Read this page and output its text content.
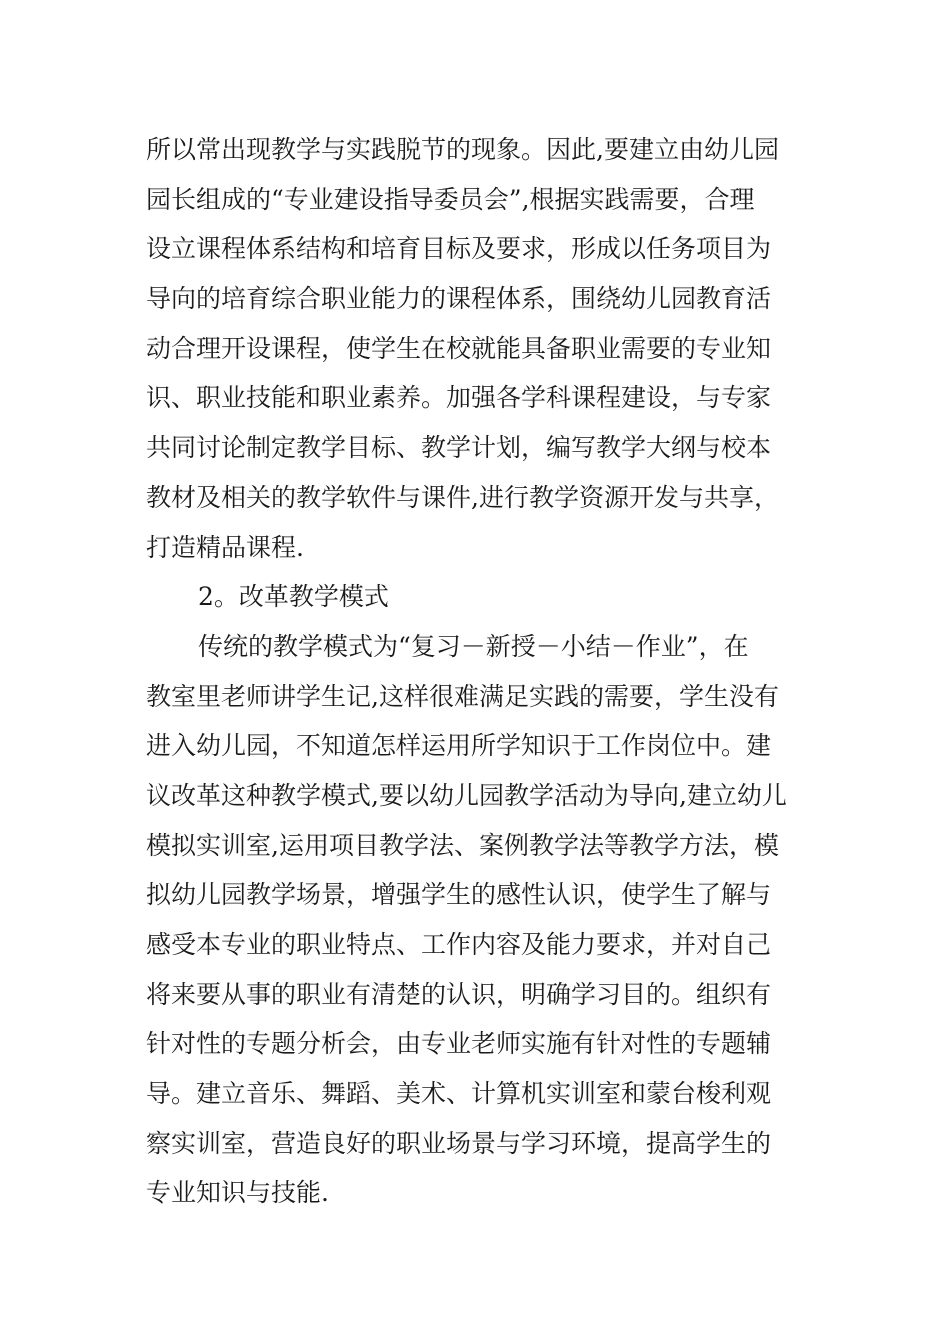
所以常出现教学与实践脱节的现象。因此,要建立由幼儿园
园长组成的“专业建设指导委员会”,根据实践需要，合理
设立课程体系结构和培育目标及要求，形成以任务项目为
导向的培育综合职业能力的课程体系，围绕幼儿园教育活
动合理开设课程，使学生在校就能具备职业需要的专业知
识、职业技能和职业素养。加强各学科课程建设，与专家
共同讨论制定教学目标、教学计划，编写教学大纲与校本
教材及相关的教学软件与课件,进行教学资源开发与共享，
打造精品课程.
2。改革教学模式
传统的教学模式为“复习－新授－小结－作业”，在
教室里老师讲学生记,这样很难满足实践的需要，学生没有
进入幼儿园，不知道怎样运用所学知识于工作岗位中。建
议改革这种教学模式,要以幼儿园教学活动为导向,建立幼儿
模拟实训室,运用项目教学法、案例教学法等教学方法，模
拟幼儿园教学场景，增强学生的感性认识，使学生了解与
感受本专业的职业特点、工作内容及能力要求，并对自己
将来要从事的职业有清楚的认识，明确学习目的。组织有
针对性的专题分析会，由专业老师实施有针对性的专题辅
导。建立音乐、舞蹈、美术、计算机实训室和蒙台梭利观
察实训室，营造良好的职业场景与学习环境，提高学生的
专业知识与技能.
